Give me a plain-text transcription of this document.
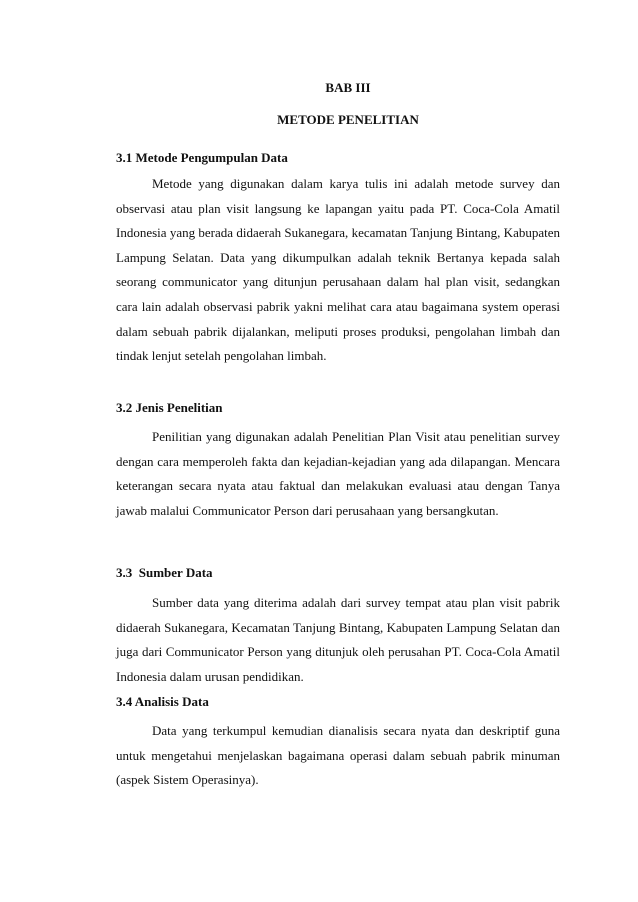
BAB III
METODE PENELITIAN
3.1 Metode Pengumpulan Data

Metode yang digunakan dalam karya tulis ini adalah metode survey dan observasi atau plan visit langsung ke lapangan yaitu pada PT. Coca-Cola Amatil Indonesia yang berada didaerah Sukanegara, kecamatan Tanjung Bintang, Kabupaten Lampung Selatan. Data yang dikumpulkan adalah teknik Bertanya kepada salah seorang communicator yang ditunjun perusahaan dalam hal plan visit, sedangkan cara lain adalah observasi pabrik yakni melihat cara atau bagaimana system operasi dalam sebuah pabrik dijalankan, meliputi proses produksi, pengolahan limbah dan tindak lenjut setelah pengolahan limbah.

3.2 Jenis Penelitian

Penilitian yang digunakan adalah Penelitian Plan Visit atau penelitian survey dengan cara memperoleh fakta dan kejadian-kejadian yang ada dilapangan. Mencara keterangan secara nyata atau faktual dan melakukan evaluasi atau dengan Tanya jawab malalui Communicator Person dari perusahaan yang bersangkutan.

3.3  Sumber Data

Sumber data yang diterima adalah dari survey tempat atau plan visit pabrik didaerah Sukanegara, Kecamatan Tanjung Bintang, Kabupaten Lampung Selatan dan juga dari Communicator Person yang ditunjuk oleh perusahan PT. Coca-Cola Amatil Indonesia dalam urusan pendidikan.

3.4 Analisis Data

Data yang terkumpul kemudian dianalisis secara nyata dan deskriptif guna untuk mengetahui menjelaskan bagaimana operasi dalam sebuah pabrik minuman (aspek Sistem Operasinya).
